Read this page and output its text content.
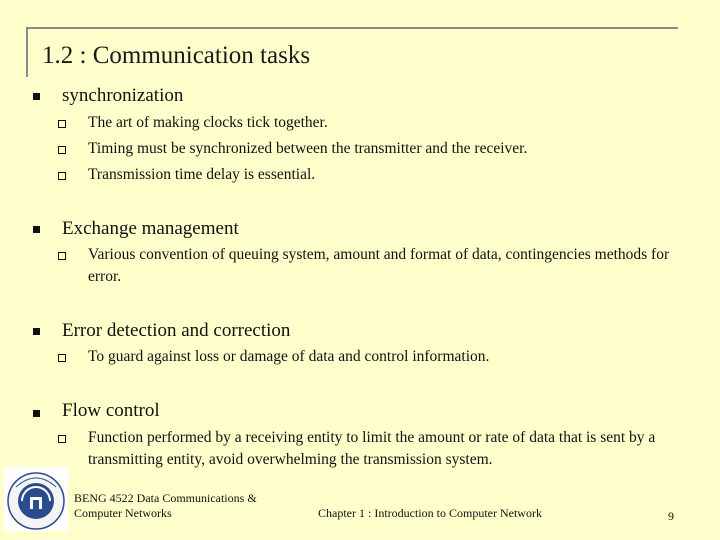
1.2 : Communication tasks
synchronization
The art of making clocks tick together.
Timing must be synchronized between the transmitter and the receiver.
Transmission time delay is essential.
Exchange management
Various convention of queuing system, amount and format of data, contingencies methods for error.
Error detection and correction
To guard against loss or damage of data and control information.
Flow control
Function performed by a receiving entity to limit the amount or rate of data that is sent by a transmitting entity, avoid overwhelming the transmission system.
BENG 4522 Data Communications & Computer Networks	Chapter 1 : Introduction to Computer Network	9
